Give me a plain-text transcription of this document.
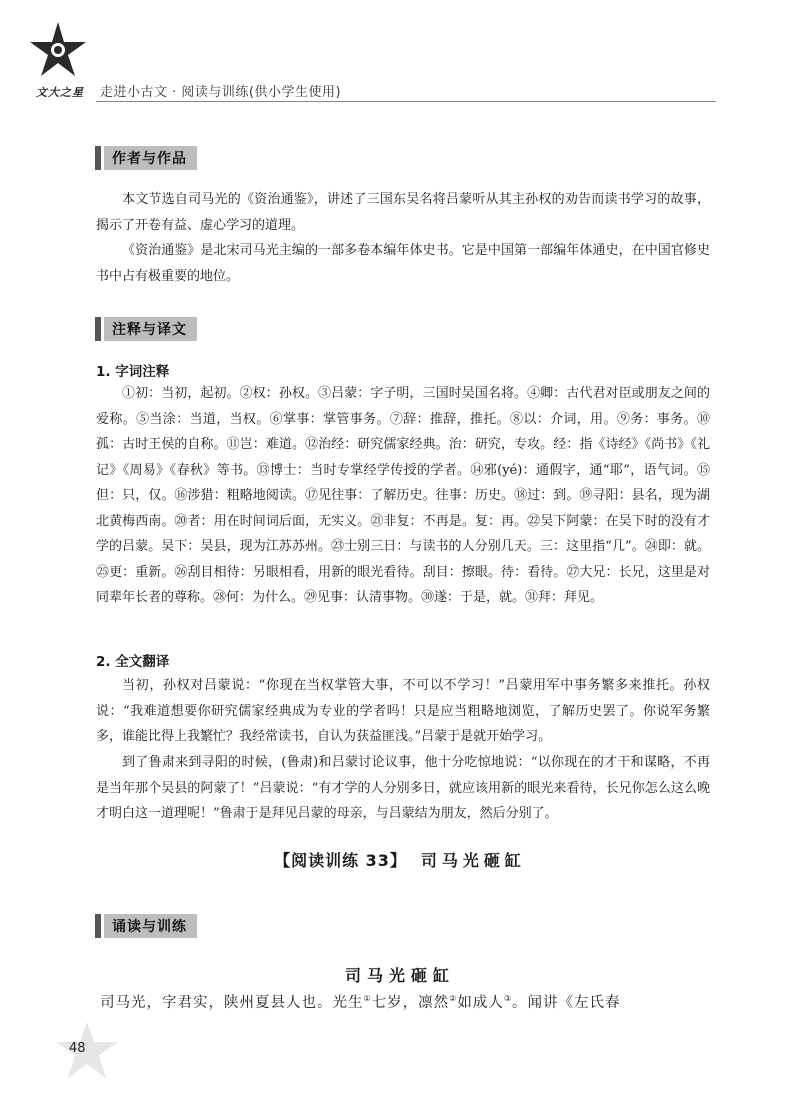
文大之星 走进小古文 · 阅读与训练(供小学生使用)
作者与作品

本文节选自司马光的《资治通鉴》，讲述了三国东吴名将吕蒙听从其主孙权的劝告而读书学习的故事，揭示了开卷有益、虚心学习的道理。

《资治通鉴》是北宋司马光主编的一部多卷本编年体史书。它是中国第一部编年体通史，在中国官修史书中占有极重要的地位。

注释与译文
1. 字词注释

①初：当初，起初。②权：孙权。③吕蒙：字子明，三国时吴国名将。④卿：古代君对臣或朋友之间的爱称。⑤当涂：当道，当权。⑥掌事：掌管事务。⑦辞：推辞，推托。⑧以：介词，用。⑨务：事务。⑩孤：古时王侯的自称。⑪岂：难道。⑫治经：研究儒家经典。治：研究，专攻。经：指《诗经》《尚书》《礼记》《周易》《春秋》等书。⑬博士：当时专掌经学传授的学者。⑭邪(yé)：通假字，通“耶”，语气词。⑮但：只，仅。⑯涉猎：粗略地阅读。⑰见往事：了解历史。往事：历史。⑱过：到。⑲寻阳：县名，现为湖北黄梅西南。⑳者：用在时间词后面，无实义。㉑非复：不再是。复：再。㉒吴下阿蒙：在吴下时的没有才学的吕蒙。吴下：吴县，现为江苏苏州。㉓士别三日：与读书的人分别几天。三：这里指“几”。㉔即：就。㉕更：重新。㉖刮目相待：另眼相看，用新的眼光看待。刮目：擦眼。待：看待。㉗大兄：长兄，这里是对同辈年长者的尊称。㉘何：为什么。㉙见事：认清事物。㉚遂：于是，就。㉛拜：拜见。

2. 全文翻译

当初，孙权对吕蒙说：“你现在当权掌管大事，不可以不学习！”吕蒙用军中事务繁多来推托。孙权说：“我难道想要你研究儒家经典成为专业的学者吗！只是应当粗略地浏览，了解历史罢了。你说军务繁多，谁能比得上我繁忙？我经常读书，自认为获益匪浅。”吕蒙于是就开始学习。

到了鲁肃来到寻阳的时候，(鲁肃)和吕蒙讨论议事，他十分吃惊地说：“以你现在的才干和谋略，不再是当年那个吴县的阿蒙了！”吕蒙说：“有才学的人分别多日，就应该用新的眼光来看待，长兄你怎么这么晚才明白这一道理呢！”鲁肃于是拜见吕蒙的母亲，与吕蒙结为朋友，然后分别了。

【阅读训练 33】 司马光砸缸
诵读与训练
司马光砸缸
司马光，字君实，陕州夏县人也。光生①七岁，凛然②如成人③。闻讲《左氏春
48
